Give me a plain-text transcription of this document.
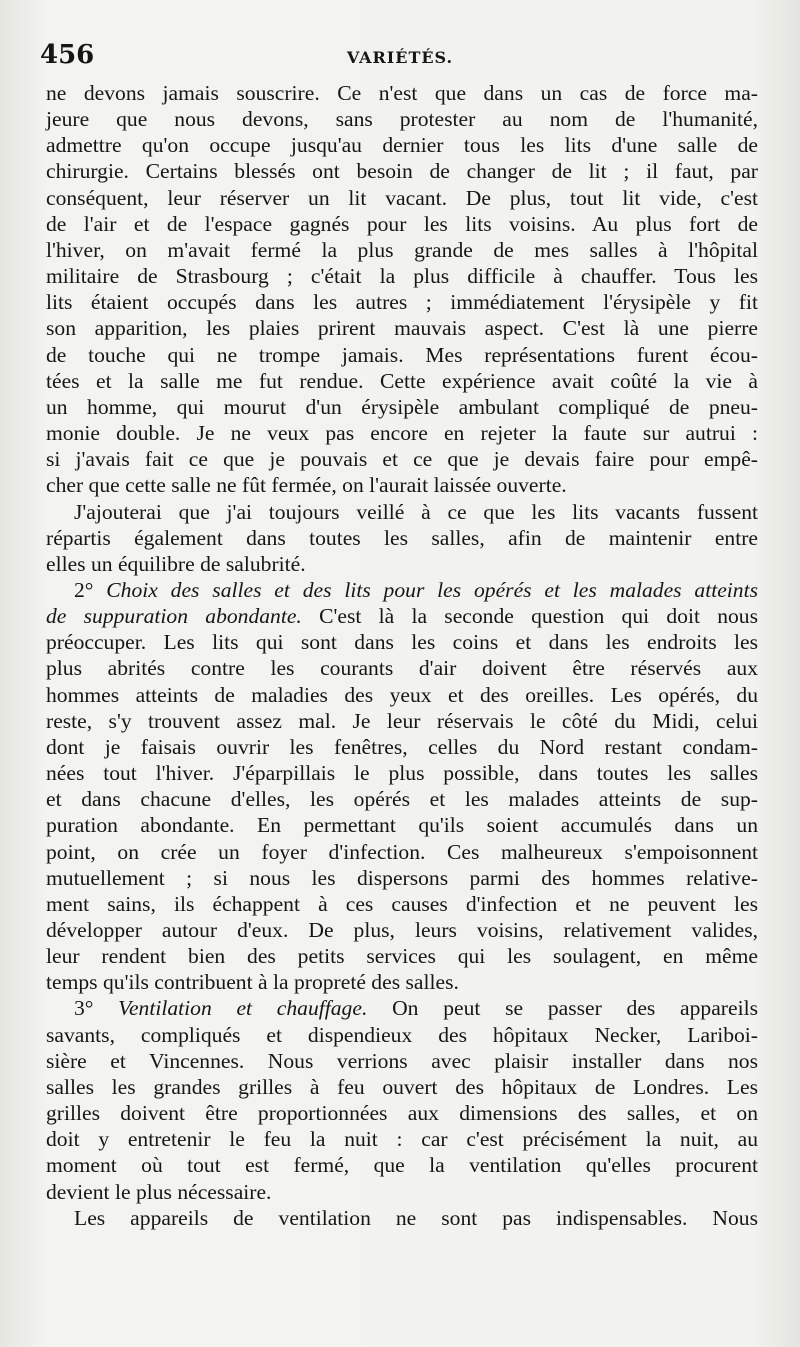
456	VARIÉTÉS.
ne devons jamais souscrire. Ce n'est que dans un cas de force ma-
jeure que nous devons, sans protester au nom de l'humanité,
admettre qu'on occupe jusqu'au dernier tous les lits d'une salle de
chirurgie. Certains blessés ont besoin de changer de lit ; il faut, par
conséquent, leur réserver un lit vacant. De plus, tout lit vide, c'est
de l'air et de l'espace gagnés pour les lits voisins. Au plus fort de
l'hiver, on m'avait fermé la plus grande de mes salles à l'hôpital
militaire de Strasbourg ; c'était la plus difficile à chauffer. Tous les
lits étaient occupés dans les autres ; immédiatement l'érysipèle y fit
son apparition, les plaies prirent mauvais aspect. C'est là une pierre
de touche qui ne trompe jamais. Mes représentations furent écou-
tées et la salle me fut rendue. Cette expérience avait coûté la vie à
un homme, qui mourut d'un érysipèle ambulant compliqué de pneu-
monie double. Je ne veux pas encore en rejeter la faute sur autrui :
si j'avais fait ce que je pouvais et ce que je devais faire pour empê-
cher que cette salle ne fût fermée, on l'aurait laissée ouverte.
J'ajouterai que j'ai toujours veillé à ce que les lits vacants fussent
répartis également dans toutes les salles, afin de maintenir entre
elles un équilibre de salubrité.
2° Choix des salles et des lits pour les opérés et les malades atteints
de suppuration abondante. C'est là la seconde question qui doit nous
préoccuper. Les lits qui sont dans les coins et dans les endroits les
plus abrités contre les courants d'air doivent être réservés aux
hommes atteints de maladies des yeux et des oreilles. Les opérés, du
reste, s'y trouvent assez mal. Je leur réservais le côté du Midi, celui
dont je faisais ouvrir les fenêtres, celles du Nord restant condam-
nées tout l'hiver. J'éparpillais le plus possible, dans toutes les salles
et dans chacune d'elles, les opérés et les malades atteints de sup-
puration abondante. En permettant qu'ils soient accumulés dans un
point, on crée un foyer d'infection. Ces malheureux s'empoisonnent
mutuellement ; si nous les dispersons parmi des hommes relative-
ment sains, ils échappent à ces causes d'infection et ne peuvent les
développer autour d'eux. De plus, leurs voisins, relativement valides,
leur rendent bien des petits services qui les soulagent, en même
temps qu'ils contribuent à la propreté des salles.
3° Ventilation et chauffage. On peut se passer des appareils
savants, compliqués et dispendieux des hôpitaux Necker, Lariboi-
sière et Vincennes. Nous verrions avec plaisir installer dans nos
salles les grandes grilles à feu ouvert des hôpitaux de Londres. Les
grilles doivent être proportionnées aux dimensions des salles, et on
doit y entretenir le feu la nuit : car c'est précisément la nuit, au
moment où tout est fermé, que la ventilation qu'elles procurent
devient le plus nécessaire.
Les appareils de ventilation ne sont pas indispensables. Nous
